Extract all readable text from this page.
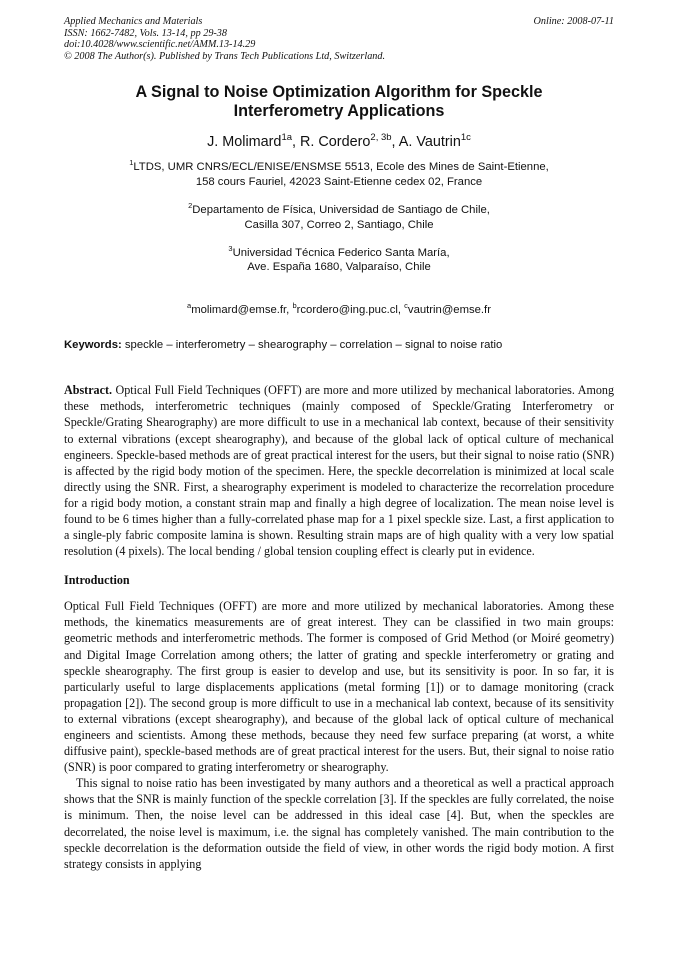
Applied Mechanics and Materials
ISSN: 1662-7482, Vols. 13-14, pp 29-38
doi:10.4028/www.scientific.net/AMM.13-14.29
© 2008 The Author(s). Published by Trans Tech Publications Ltd, Switzerland.
Online: 2008-07-11
A Signal to Noise Optimization Algorithm for Speckle Interferometry Applications
J. Molimard$^{1a}$, R. Cordero$^{2, 3b}$, A. Vautrin$^{1c}$
$^1$LTDS, UMR CNRS/ECL/ENISE/ENSMSE 5513, Ecole des Mines de Saint-Etienne,
158 cours Fauriel, 42023 Saint-Etienne cedex 02, France
$^2$Departamento de Física, Universidad de Santiago de Chile,
Casilla 307, Correo 2, Santiago, Chile
$^3$Universidad Técnica Federico Santa María,
Ave. España 1680, Valparaíso, Chile
$^a$molimard@emse.fr, $^b$rcordero@ing.puc.cl, $^c$vautrin@emse.fr
Keywords: speckle – interferometry – shearography – correlation – signal to noise ratio
Abstract. Optical Full Field Techniques (OFFT) are more and more utilized by mechanical laboratories. Among these methods, interferometric techniques (mainly composed of Speckle/Grating Interferometry or Speckle/Grating Shearography) are more difficult to use in a mechanical lab context, because of their sensitivity to external vibrations (except shearography), and because of the global lack of optical culture of mechanical engineers. Speckle-based methods are of great practical interest for the users, but their signal to noise ratio (SNR) is affected by the rigid body motion of the specimen. Here, the speckle decorrelation is minimized at local scale directly using the SNR. First, a shearography experiment is modeled to characterize the recorrelation procedure for a rigid body motion, a constant strain map and finally a high degree of localization. The mean noise level is found to be 6 times higher than a fully-correlated phase map for a 1 pixel speckle size. Last, a first application to a single-ply fabric composite lamina is shown. Resulting strain maps are of high quality with a very low spatial resolution (4 pixels). The local bending / global tension coupling effect is clearly put in evidence.
Introduction
Optical Full Field Techniques (OFFT) are more and more utilized by mechanical laboratories. Among these methods, the kinematics measurements are of great interest. They can be classified in two main groups: geometric methods and interferometric methods. The former is composed of Grid Method (or Moiré geometry) and Digital Image Correlation among others; the latter of grating and speckle interferometry or grating and speckle shearography. The first group is easier to develop and use, but its sensitivity is poor. In so far, it is particularly useful to large displacements applications (metal forming [1]) or to damage monitoring (crack propagation [2]). The second group is more difficult to use in a mechanical lab context, because of its sensitivity to external vibrations (except shearography), and because of the global lack of optical culture of mechanical engineers and scientists. Among these methods, because they need few surface preparing (at worst, a white diffusive paint), speckle-based methods are of great practical interest for the users. But, their signal to noise ratio (SNR) is poor compared to grating interferometry or shearography.
This signal to noise ratio has been investigated by many authors and a theoretical as well a practical approach shows that the SNR is mainly function of the speckle correlation [3]. If the speckles are fully correlated, the noise is minimum. Then, the noise level can be addressed in this ideal case [4]. But, when the speckles are decorrelated, the noise level is maximum, i.e. the signal has completely vanished. The main contribution to the speckle decorrelation is the deformation outside the field of view, in other words the rigid body motion. A first strategy consists in applying
